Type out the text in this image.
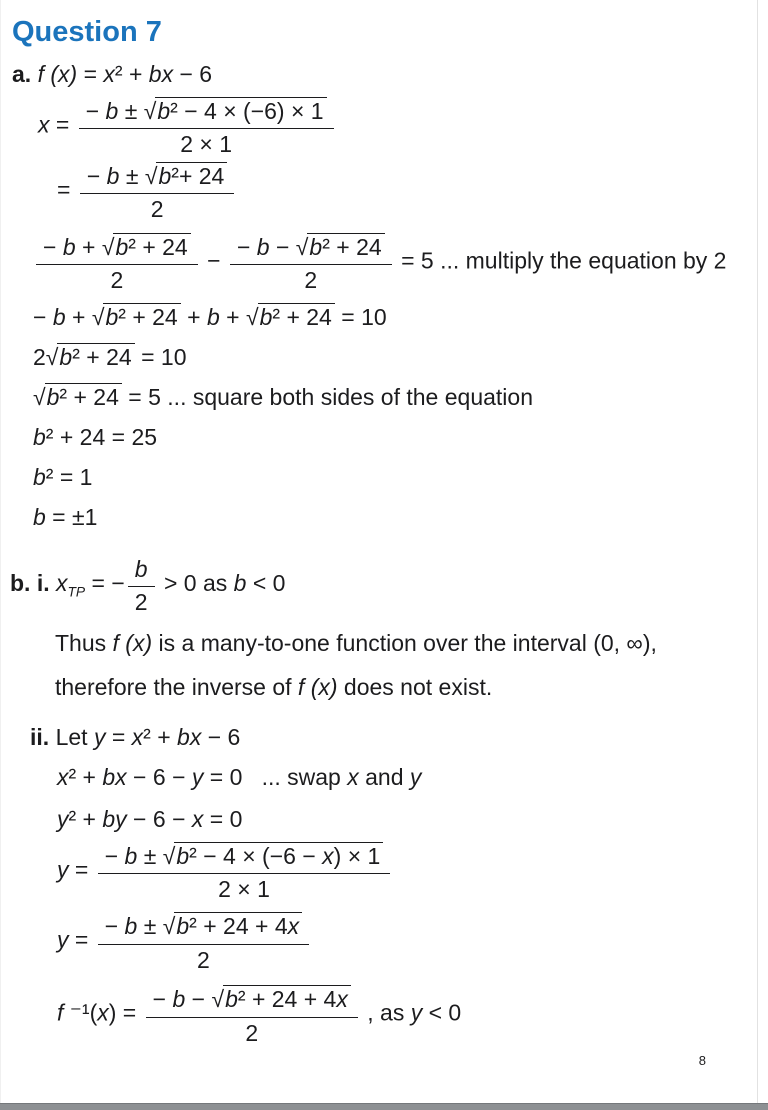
Question 7
a. f (x) = x² + bx − 6
$x = \frac{\text{− b ± √ b² − 4 × (−6) × 1}}{2 \times 1}$
= $\frac{\text{− b ± √ b²+ 24}}{2}$
$\frac{\text{− b + √ b² + 24}}{2} - \frac{\text{− b − √ b² + 24}}{2} = 5$ ... multiply the equation by 2
− b + √ b² + 24 + b + √ b² + 24 = 10
2 √ b² + 24 = 10
√ b² + 24 = 5 ... square both sides of the equation
b² + 24 = 25
b² = 1
b = ±1
b. i. $x_{TP}$ = − $\frac{b}{2} > 0$ as b < 0
Thus f (x) is a many-to-one function over the interval (0, ∞),
therefore the inverse of f (x) does not exist.
ii. Let y = x² + bx − 6
x² + bx − 6 − y = 0   ... swap x and y
y² + by − 6 − x = 0
$y = \frac{\text{− b ± √ b² − 4 × (−6 − x) × 1}}{2 \times 1}$
$y = \frac{\text{− b ± √ b² + 24 + 4x}}{2}$
f $^{-1}(x) = \frac{\text{− b − √ b² + 24 + 4x}}{2}$ , as y < 0
8
